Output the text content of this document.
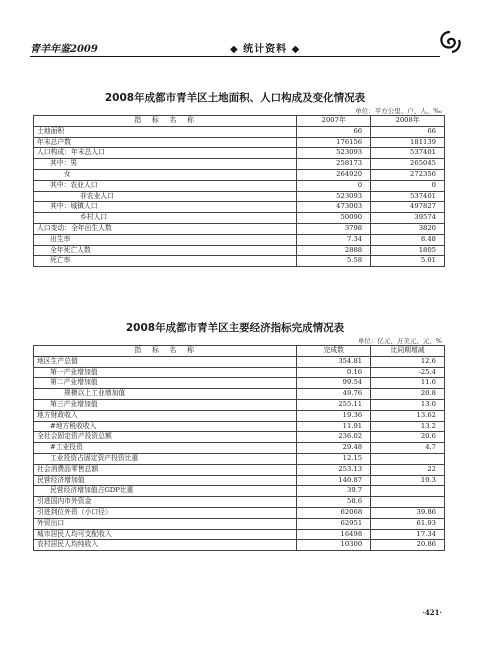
青羊年鉴2009	◆ 统计资料 ◆
2008年成都市青羊区土地面积、人口构成及变化情况表
单位：平方公里、户、人、‰
指　标　名　称	2007年	2008年
土地面积	66	66
年末总户数	176156	181139
人口构成：年末总人口	523093	537401
其中：男	258173	265045
女	264920	272356
其中：农业人口	0	0
非农业人口	523093	537401
其中：城镇人口	473003	497827
乡村人口	50090	39574
人口变动：全年出生人数	3798	3820
出生率	7.34	8.48
全年死亡人数	2888	1805
死亡率	5.58	5.01
2008年成都市青羊区主要经济指标完成情况表
单位：亿元、万美元、元、%
指　标　名　称	完成数	比同期增减
地区生产总值	354.81	12.6
第一产业增加值	0.16	-25.4
第二产业增加值	99.54	11.6
规模以上工业增加值	49.76	20.8
第三产业增加值	255.11	13.0
地方财政收入	19.36	13.62
#地方税收收入	11.91	13.2
全社会固定资产投资总额	236.02	20.6
#工业投资	29.48	4.7
工业投资占固定资产投资比重	12.15	
社会消费品零售总额	253.13	22
民营经济增加值	140.87	19.3
民营经济增加值占GDP比重	39.7	
引进国内市外资金	58.6	
引进到位外资（小口径）	62068	39.86
外贸出口	62951	61.93
城市居民人均可支配收入	16498	17.34
农村居民人均纯收入	10300	20.86
·421·
